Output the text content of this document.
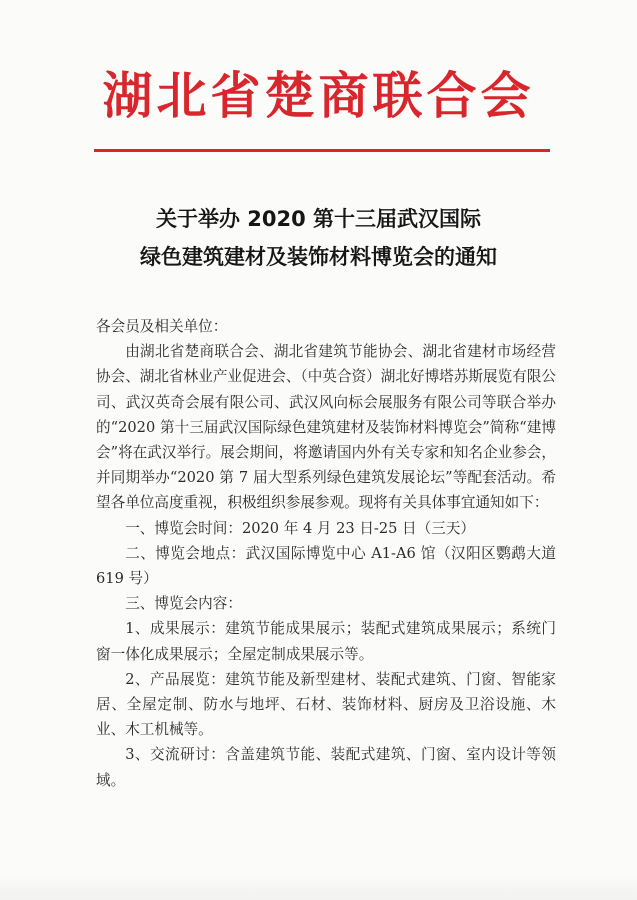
湖北省楚商联合会
关于举办 2020 第十三届武汉国际
绿色建筑建材及装饰材料博览会的通知

各会员及相关单位：

由湖北省楚商联合会、湖北省建筑节能协会、湖北省建材市场经营协会、湖北省林业产业促进会、（中英合资）湖北好博塔苏斯展览有限公司、武汉英奇会展有限公司、武汉风向标会展服务有限公司等联合举办的“2020 第十三届武汉国际绿色建筑建材及装饰材料博览会”简称“建博会”将在武汉举行。展会期间，将邀请国内外有关专家和知名企业参会，并同期举办“2020 第 7 届大型系列绿色建筑发展论坛”等配套活动。希望各单位高度重视，积极组织参展参观。现将有关具体事宜通知如下：

一、博览会时间：2020 年 4 月 23 日-25 日（三天）

二、博览会地点：武汉国际博览中心 A1-A6 馆（汉阳区鹦鹉大道 619 号）

三、博览会内容：

1、成果展示：建筑节能成果展示；装配式建筑成果展示；系统门窗一体化成果展示；全屋定制成果展示等。

2、产品展览：建筑节能及新型建材、装配式建筑、门窗、智能家居、全屋定制、防水与地坪、石材、装饰材料、厨房及卫浴设施、木业、木工机械等。

3、交流研讨：含盖建筑节能、装配式建筑、门窗、室内设计等领域。
